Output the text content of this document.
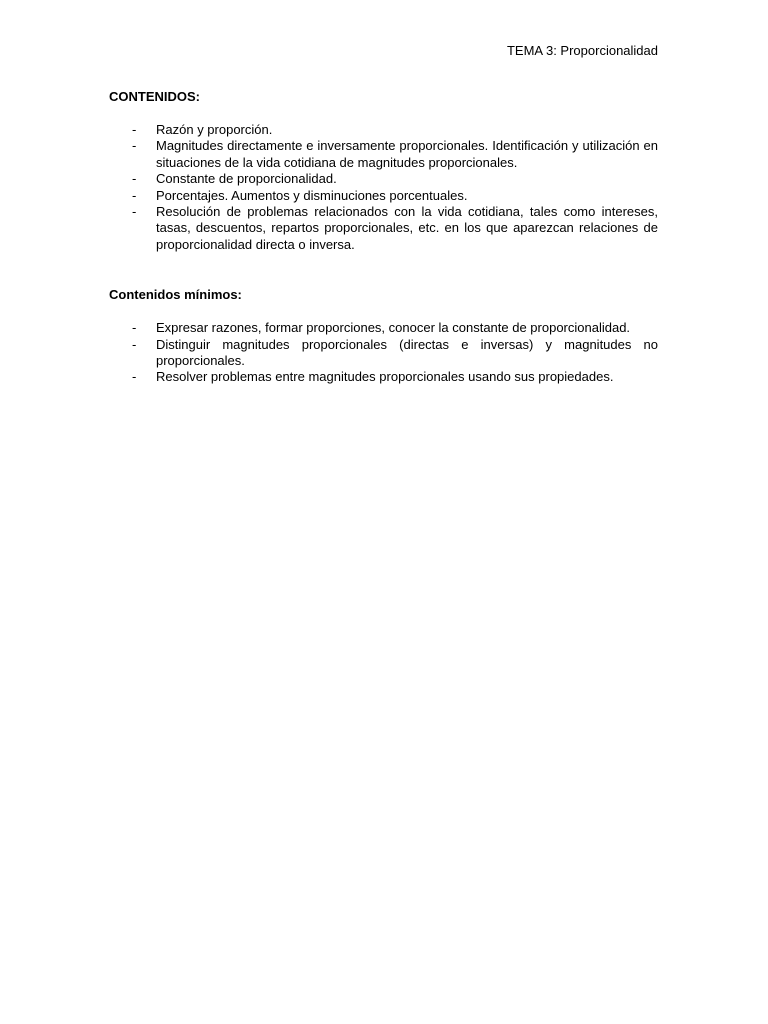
TEMA 3: Proporcionalidad

CONTENIDOS:

- Razón y proporción.
- Magnitudes directamente e inversamente proporcionales. Identificación y utilización en situaciones de la vida cotidiana de magnitudes proporcionales.
- Constante de proporcionalidad.
- Porcentajes. Aumentos y disminuciones porcentuales.
- Resolución de problemas relacionados con la vida cotidiana, tales como intereses, tasas, descuentos, repartos proporcionales, etc. en los que aparezcan relaciones de proporcionalidad directa o inversa.

Contenidos mínimos:

- Expresar razones, formar proporciones, conocer la constante de proporcionalidad.
- Distinguir magnitudes proporcionales (directas e inversas) y magnitudes no proporcionales.
- Resolver problemas entre magnitudes proporcionales usando sus propiedades.
